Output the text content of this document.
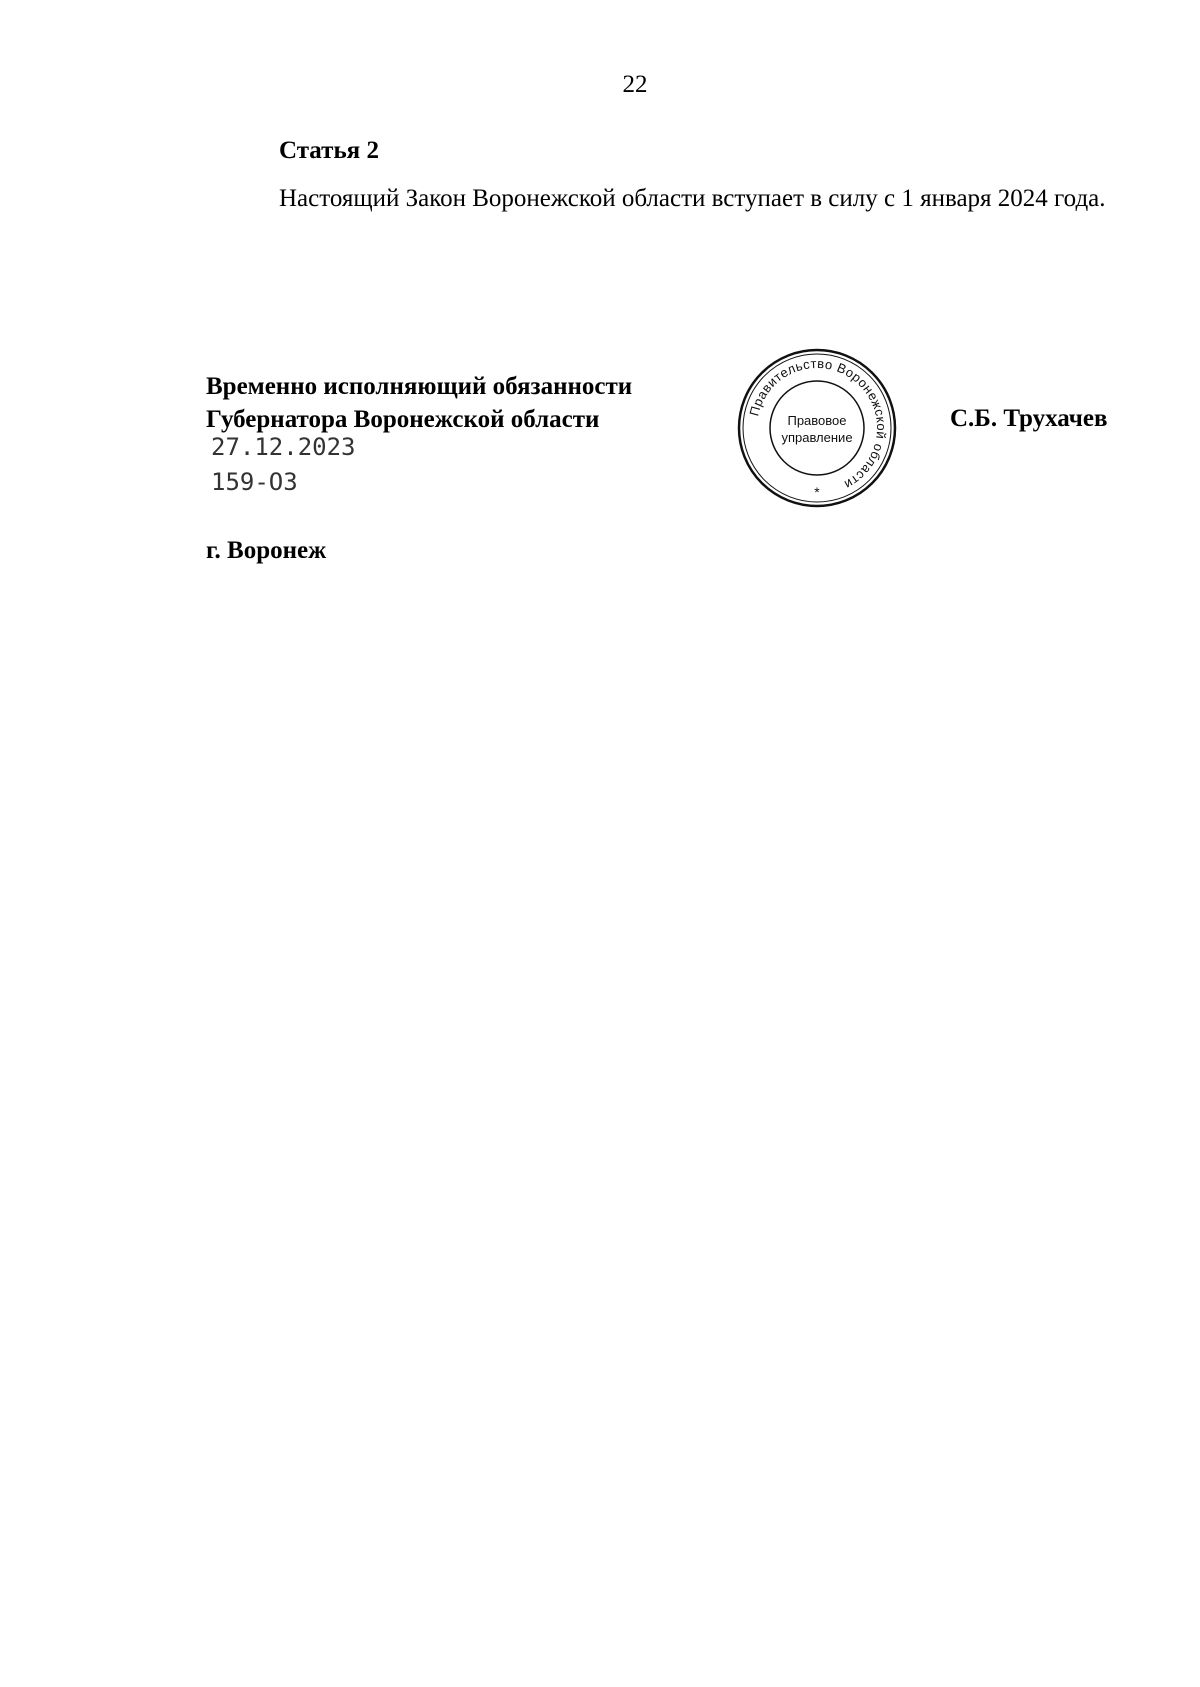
22
Статья 2

Настоящий Закон Воронежской области вступает в силу с 1 января 2024 года.

Временно исполняющий обязанности
Губернатора Воронежской области
27.12.2023
159-ОЗ
Правительство Воронежской области
Правовое
управление
*
С.Б. Трухачев
г. Воронеж
